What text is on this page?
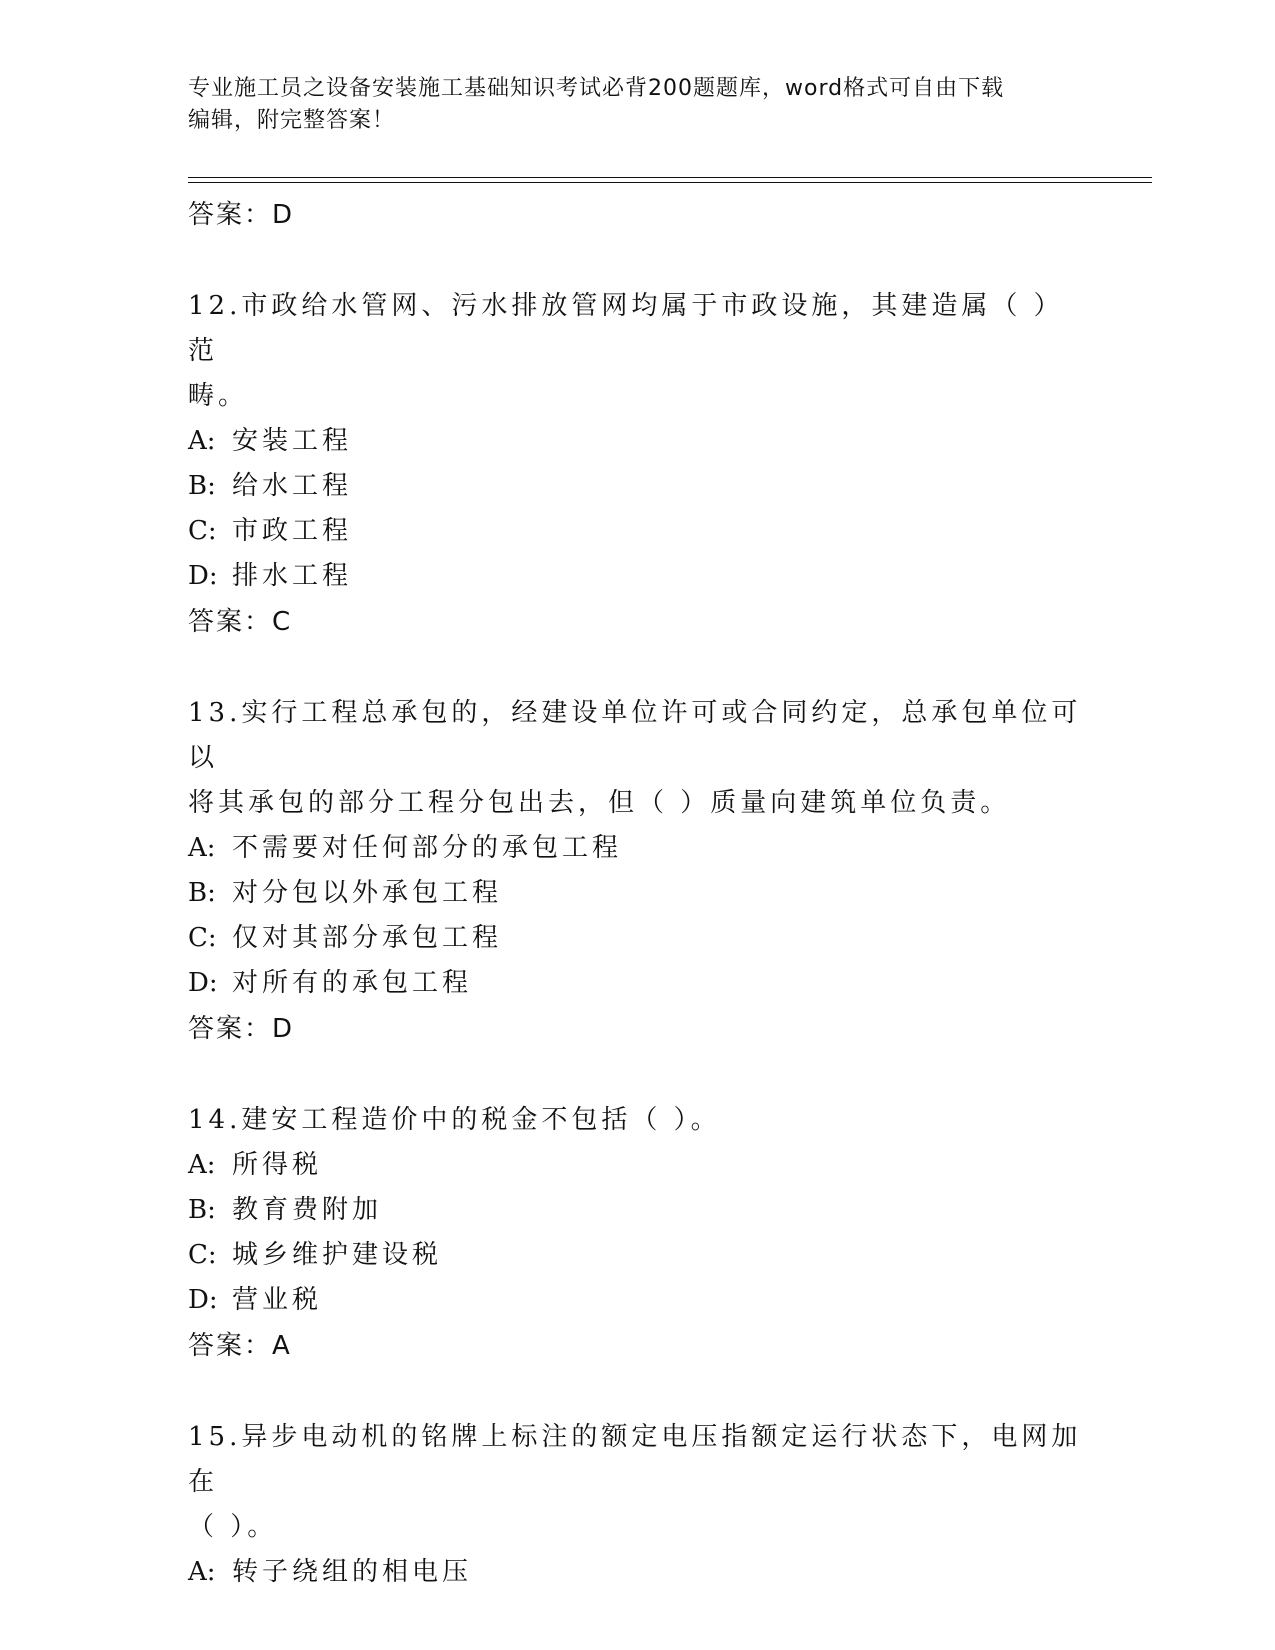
专业施工员之设备安装施工基础知识考试必背200题题库，word格式可自由下载
编辑，附完整答案！
答案：D
12.市政给水管网、污水排放管网均属于市政设施，其建造属（ ）范
畴。
A: 安装工程
B: 给水工程
C: 市政工程
D: 排水工程
答案：C
13.实行工程总承包的，经建设单位许可或合同约定，总承包单位可以
将其承包的部分工程分包出去，但（ ）质量向建筑单位负责。
A: 不需要对任何部分的承包工程
B: 对分包以外承包工程
C: 仅对其部分承包工程
D: 对所有的承包工程
答案：D
14.建安工程造价中的税金不包括（ ）。
A: 所得税
B: 教育费附加
C: 城乡维护建设税
D: 营业税
答案：A
15.异步电动机的铭牌上标注的额定电压指额定运行状态下，电网加在
（ ）。
A: 转子绕组的相电压
